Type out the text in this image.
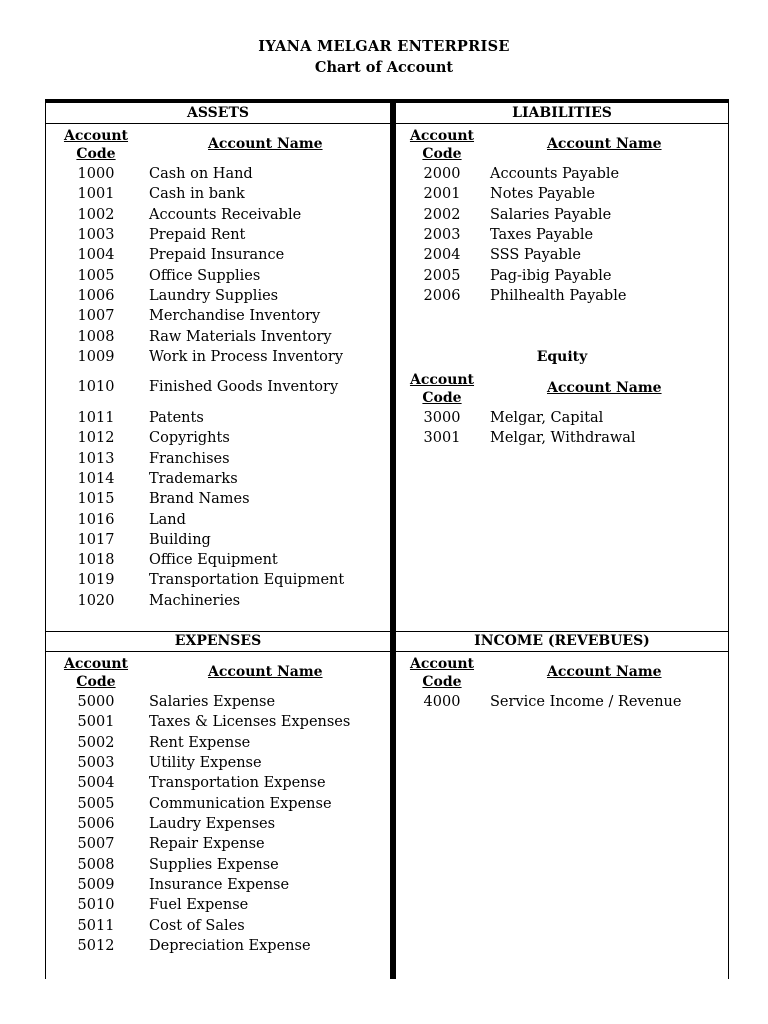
IYANA MELGAR ENTERPRISE
Chart of Account
ASSETS	LIABILITIES
Account
Code
Account Name	Account
Code
Account Name
1000	Cash on Hand
1001	Cash in bank
1002	Accounts Receivable
1003	Prepaid Rent
1004	Prepaid Insurance
1005	Office Supplies
1006	Laundry Supplies
1007	Merchandise Inventory
1008	Raw Materials Inventory
1009	Work in Process Inventory
1010	Finished Goods Inventory
1011	Patents
1012	Copyrights
1013	Franchises
1014	Trademarks
1015	Brand Names
1016	Land
1017	Building
1018	Office Equipment
1019	Transportation Equipment
1020	Machineries
2000	Accounts Payable
2001	Notes Payable
2002	Salaries Payable
2003	Taxes Payable
2004	SSS Payable
2005	Pag-ibig Payable
2006	Philhealth Payable
Equity
Account
Code
Account Name
3000	Melgar, Capital
3001	Melgar, Withdrawal
EXPENSES	INCOME (REVEBUES)
Account
Code
Account Name	Account
Code
Account Name
5000	Salaries Expense
5001	Taxes & Licenses Expenses
5002	Rent Expense
5003	Utility Expense
5004	Transportation Expense
5005	Communication Expense
5006	Laudry Expenses
5007	Repair Expense
5008	Supplies Expense
5009	Insurance Expense
5010	Fuel Expense
5011	Cost of Sales
5012	Depreciation Expense
4000	Service Income / Revenue
